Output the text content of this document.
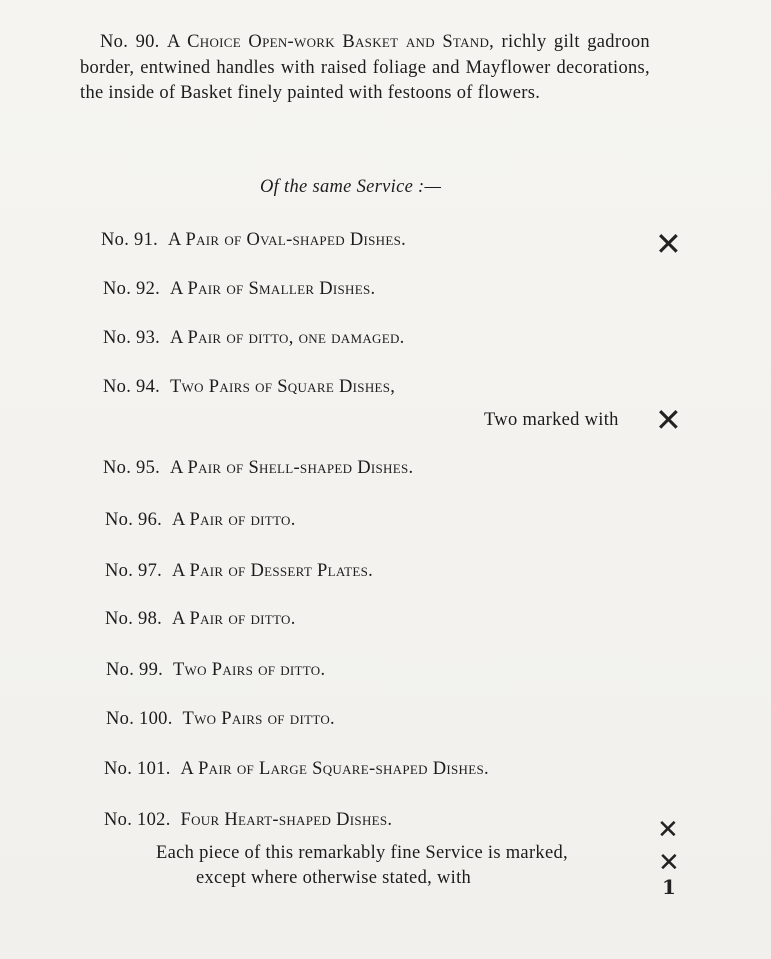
No. 90. A Choice Open-work Basket and Stand, richly gilt gadroon border, entwined handles with raised foliage and Mayflower decorations, the inside of Basket finely painted with festoons of flowers.
Of the same Service :—
No. 91. A Pair of Oval-shaped Dishes.	✕
No. 92. A Pair of Smaller Dishes.
No. 93. A Pair of ditto, one damaged.
No. 94. Two Pairs of Square Dishes,
Two marked with ✕
No. 95. A Pair of Shell-shaped Dishes.
No. 96. A Pair of ditto.
No. 97. A Pair of Dessert Plates.
No. 98. A Pair of ditto.
No. 99. Two Pairs of ditto.
No. 100. Two Pairs of ditto.
No. 101. A Pair of Large Square-shaped Dishes.
No. 102. Four Heart-shaped Dishes.	✕
Each piece of this remarkably fine Service is marked,
except where otherwise stated, with	✕
1
